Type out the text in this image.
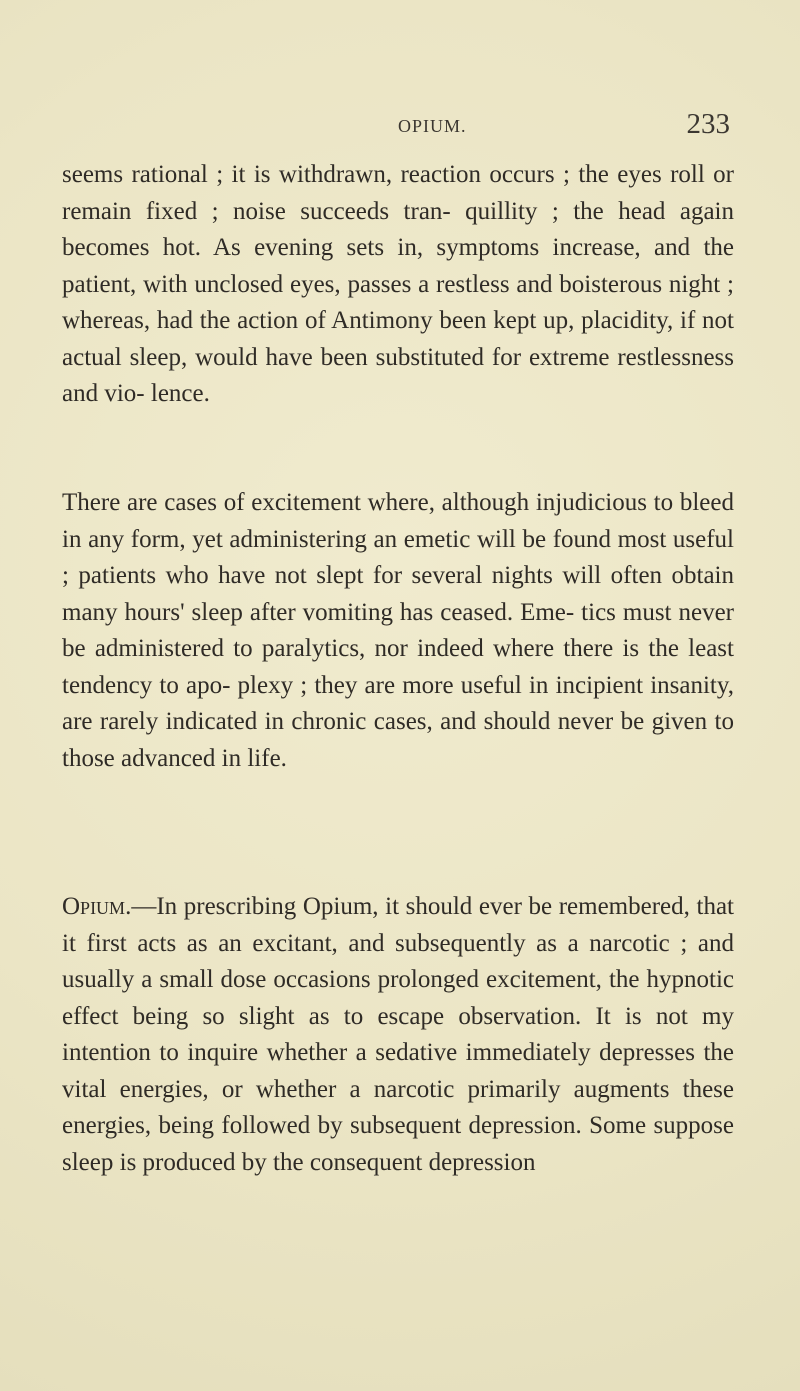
OPIUM.	233

seems rational ; it is withdrawn, reaction occurs ; the eyes roll or remain fixed ; noise succeeds tran- quillity ; the head again becomes hot. As evening sets in, symptoms increase, and the patient, with unclosed eyes, passes a restless and boisterous night ; whereas, had the action of Antimony been kept up, placidity, if not actual sleep, would have been substituted for extreme restlessness and vio- lence.

There are cases of excitement where, although injudicious to bleed in any form, yet administering an emetic will be found most useful ; patients who have not slept for several nights will often obtain many hours' sleep after vomiting has ceased. Eme- tics must never be administered to paralytics, nor indeed where there is the least tendency to apo- plexy ; they are more useful in incipient insanity, are rarely indicated in chronic cases, and should never be given to those advanced in life.

Opium.—In prescribing Opium, it should ever be remembered, that it first acts as an excitant, and subsequently as a narcotic ; and usually a small dose occasions prolonged excitement, the hypnotic effect being so slight as to escape observation. It is not my intention to inquire whether a sedative immediately depresses the vital energies, or whether a narcotic primarily augments these energies, being followed by subsequent depression. Some suppose sleep is produced by the consequent depression
